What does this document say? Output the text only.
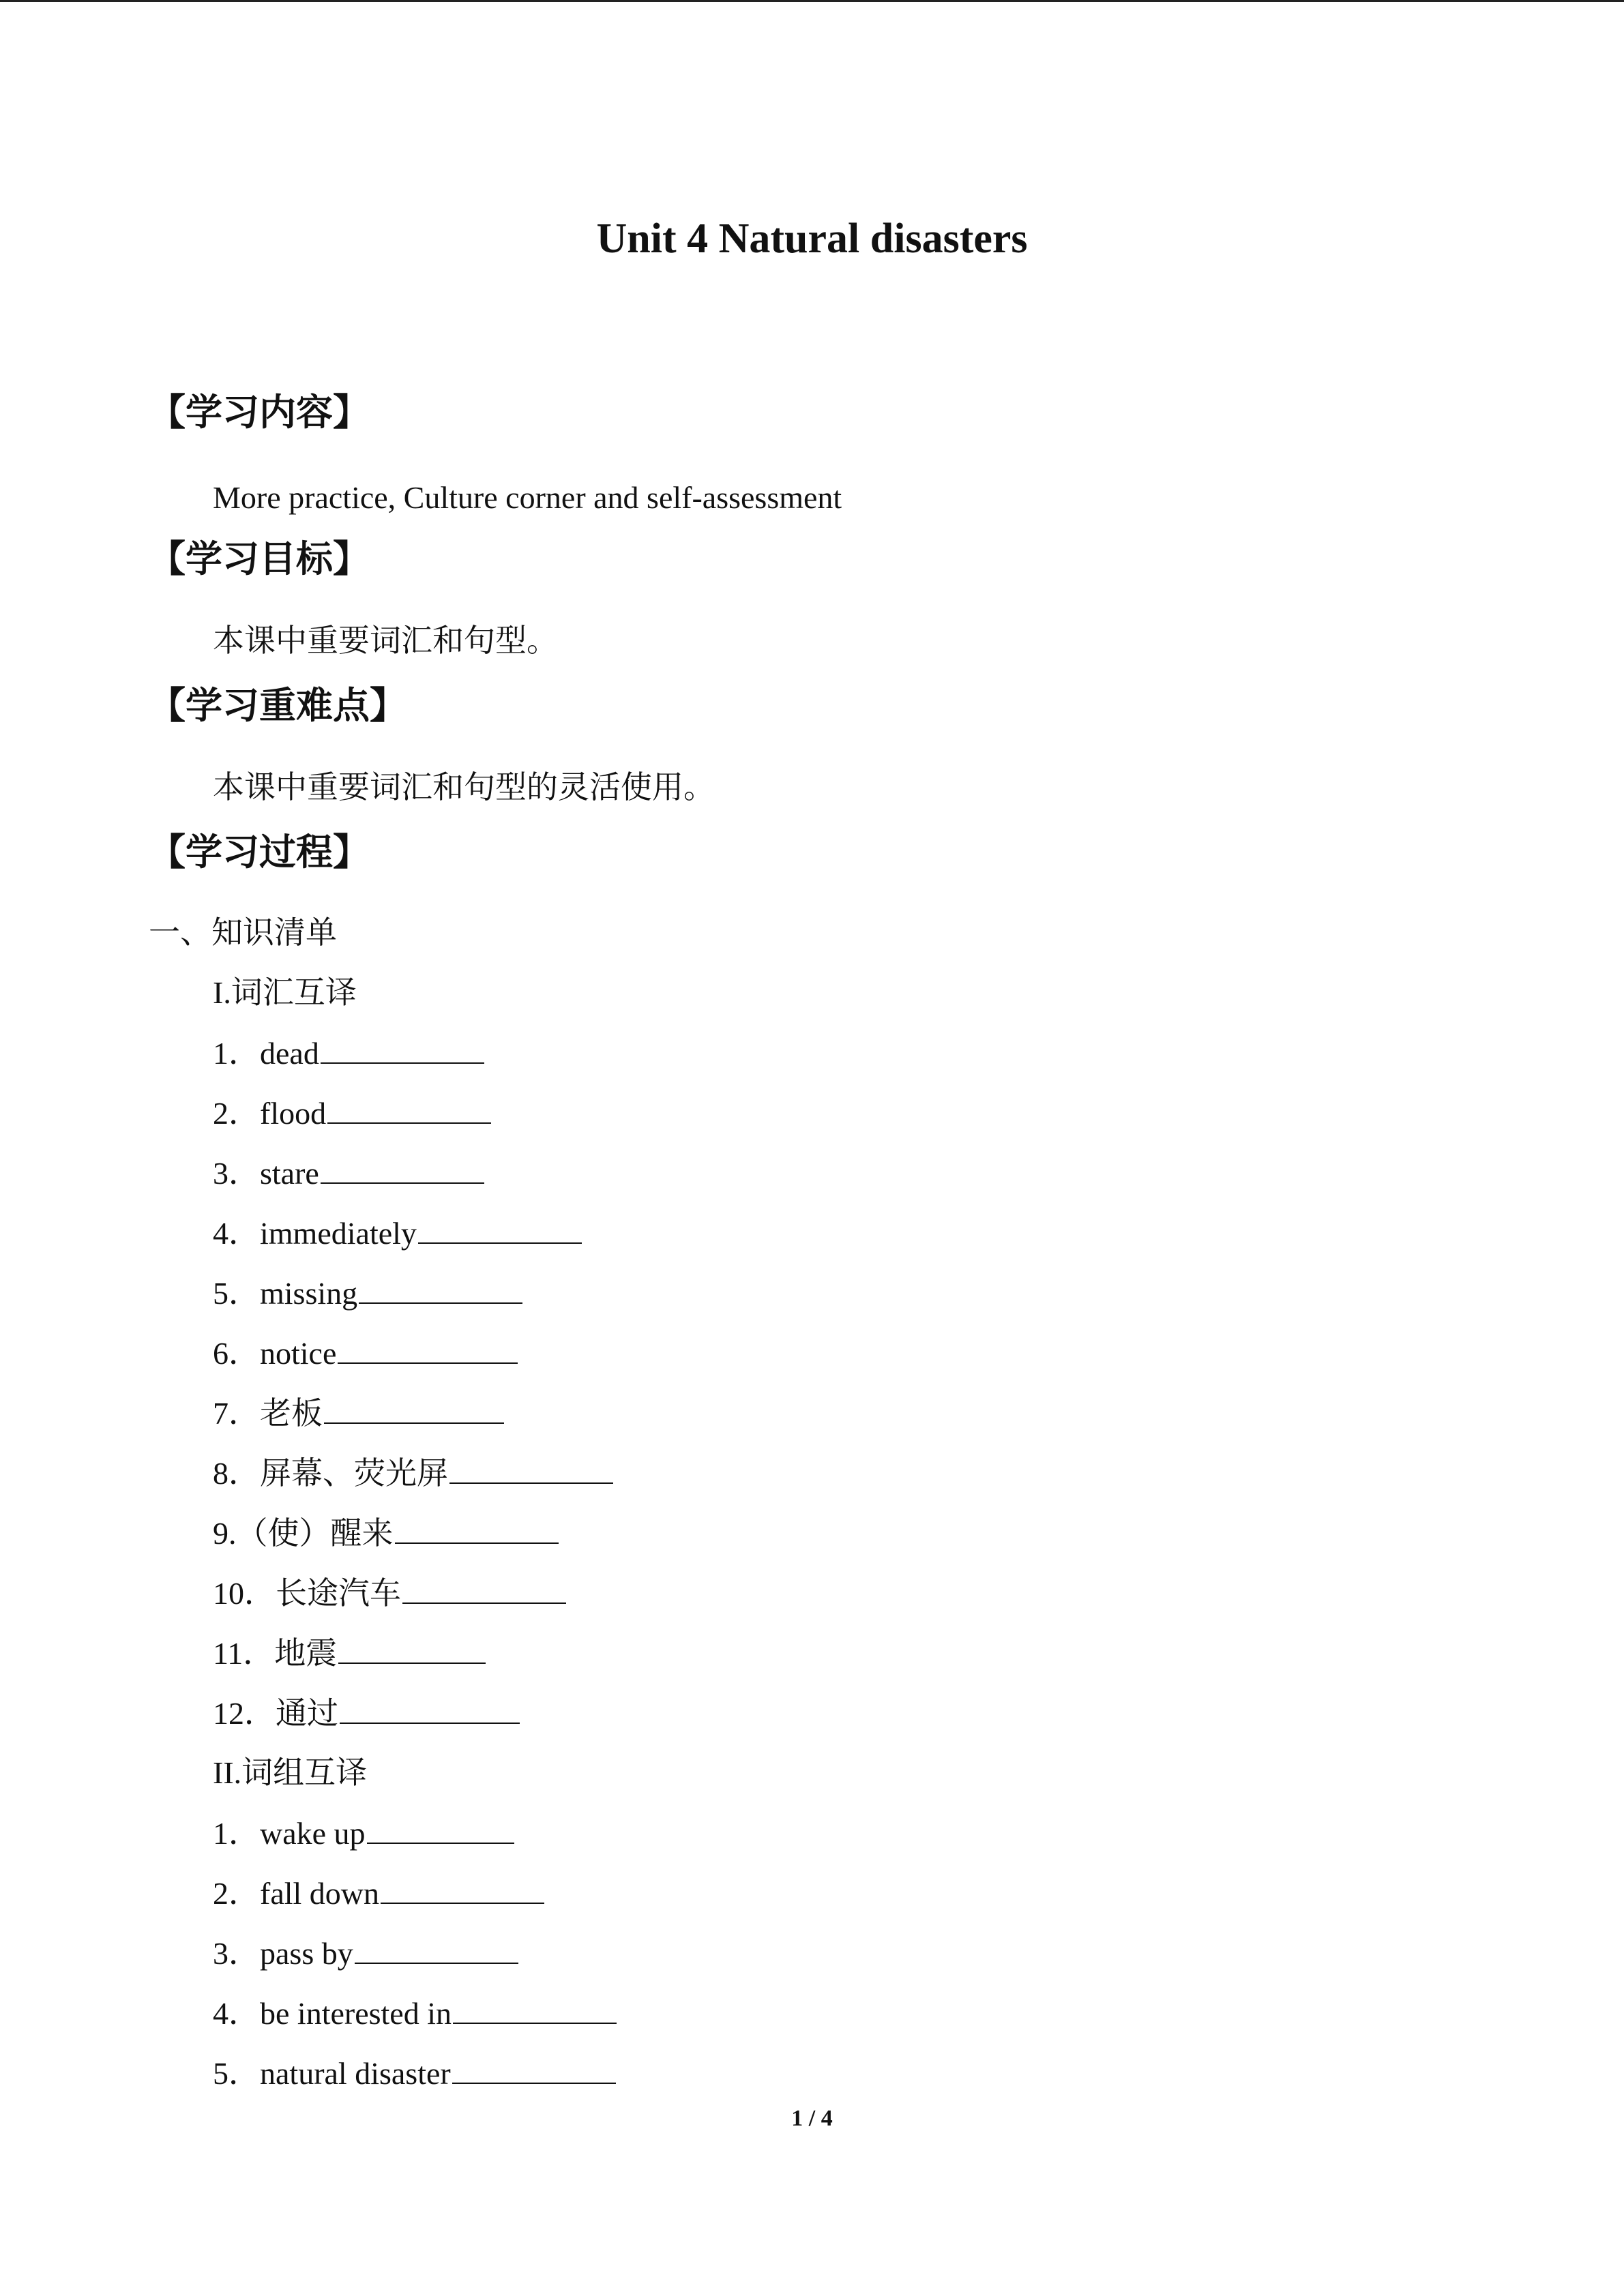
Unit 4 Natural disasters
【学习内容】
More practice, Culture corner and self-assessment
【学习目标】
本课中重要词汇和句型。
【学习重难点】
本课中重要词汇和句型的灵活使用。
【学习过程】
一、知识清单
I.词汇互译
1．dead
2．flood
3．stare
4．immediately
5．missing
6．notice
7．老板
8．屏幕、荧光屏
9.（使）醒来
10．长途汽车
11．地震
12．通过
II.词组互译
1．wake up
2．fall down
3．pass by
4．be interested in
5．natural disaster
1 / 4
